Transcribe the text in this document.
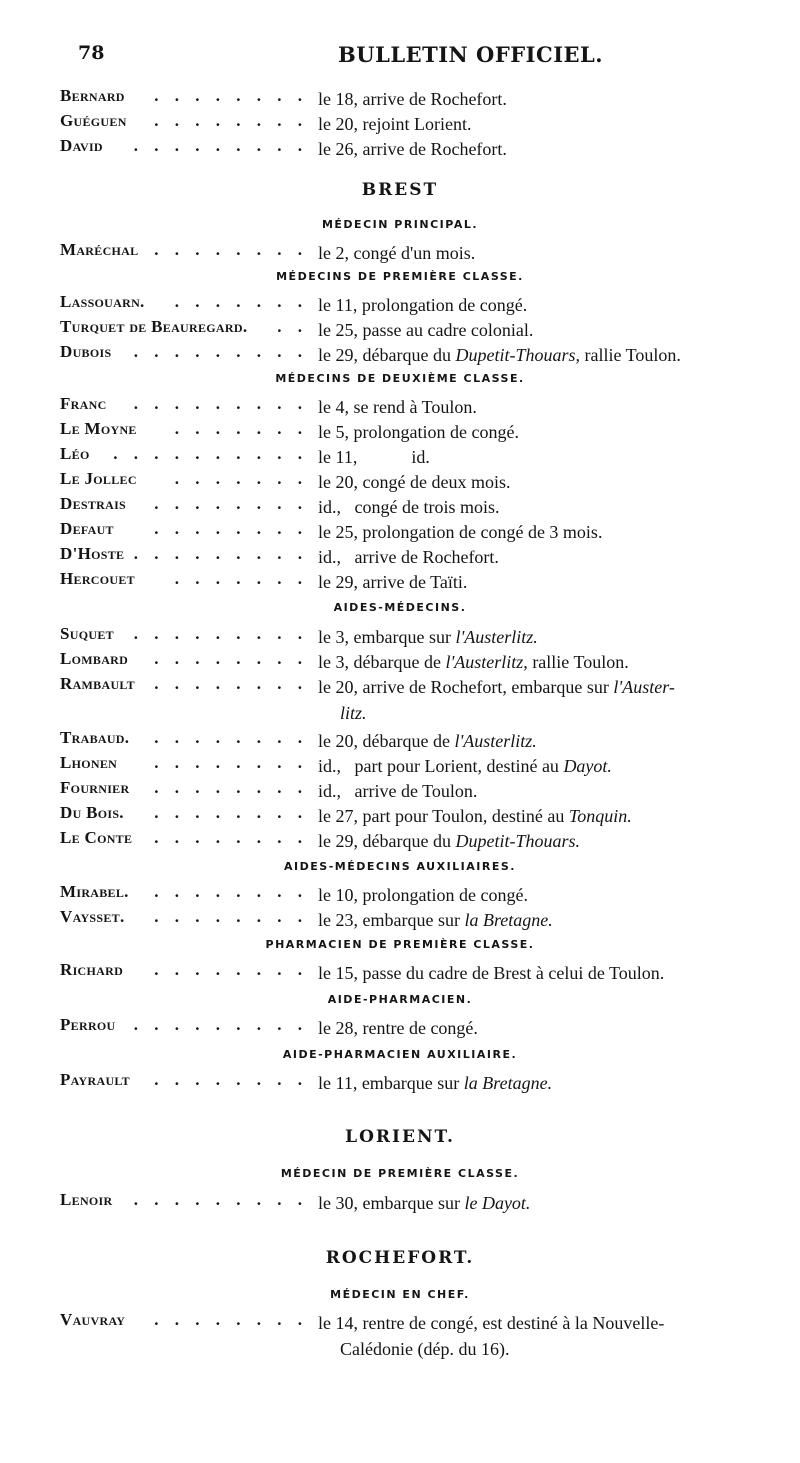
78	BULLETIN OFFICIEL.
Bernard	. . . . . . . . le 18, arrive de Rochefort.
Guéguen	. . . . . . . . le 20, rejoint Lorient.
David	. . . . . . . . . le 26, arrive de Rochefort.
BREST
MÉDECIN PRINCIPAL.
Maréchal . . . . . . . . le 2, congé d'un mois.
MÉDECINS DE PREMIÈRE CLASSE.
Lassouarn.	. . . . . . . le 11, prolongation de congé.
Turquet de Beauregard.	. . le 25, passe au cadre colonial.
Dubois	. . . . . . . . . le 29, débarque du Dupetit-Thouars, rallie Toulon.
MÉDECINS DE DEUXIÈME CLASSE.
Franc	. . . . . . . . . le 4, se rend à Toulon.
Le Moyne	. . . . . . . le 5, prolongation de congé.
Léo	. . . . . . . . . . le 11,            id.
Le Jollec	. . . . . . . le 20, congé de deux mois.
Destrais	. . . . . . . . id.,   congé de trois mois.
Defaut	. . . . . . . . le 25, prolongation de congé de 3 mois.
D'Hoste . . . . . . . . . id.,   arrive de Rochefort.
Hercouet	. . . . . . . le 29, arrive de Taïti.
AIDES-MÉDECINS.
Suquet	. . . . . . . . . le 3, embarque sur l'Austerlitz.
Lombard	. . . . . . . . le 3, débarque de l'Austerlitz, rallie Toulon.
Rambault	. . . . . . . . le 20, arrive de Rochefort, embarque sur l'Auster-
litz.
Trabaud.	. . . . . . . . le 20, débarque de l'Austerlitz.
Lhonen	. . . . . . . . id.,   part pour Lorient, destiné au Dayot.
Fournier	. . . . . . . . id.,   arrive de Toulon.
Du Bois.	. . . . . . . . le 27, part pour Toulon, destiné au Tonquin.
Le Conte	. . . . . . . . le 29, débarque du Dupetit-Thouars.
AIDES-MÉDECINS AUXILIAIRES.
Mirabel.	. . . . . . . . le 10, prolongation de congé.
Vaysset.	. . . . . . . . le 23, embarque sur la Bretagne.
PHARMACIEN DE PREMIÈRE CLASSE.
Richard	. . . . . . . . le 15, passe du cadre de Brest à celui de Toulon.
AIDE-PHARMACIEN.
Perrou	. . . . . . . . . le 28, rentre de congé.
AIDE-PHARMACIEN AUXILIAIRE.
Payrault	. . . . . . . . le 11, embarque sur la Bretagne.
LORIENT.
MÉDECIN DE PREMIÈRE CLASSE.
Lenoir	. . . . . . . . . le 30, embarque sur le Dayot.
ROCHEFORT.
MÉDECIN EN CHEF.
Vauvray	. . . . . . . . le 14, rentre de congé, est destiné à la Nouvelle-
Calédonie (dép. du 16).
